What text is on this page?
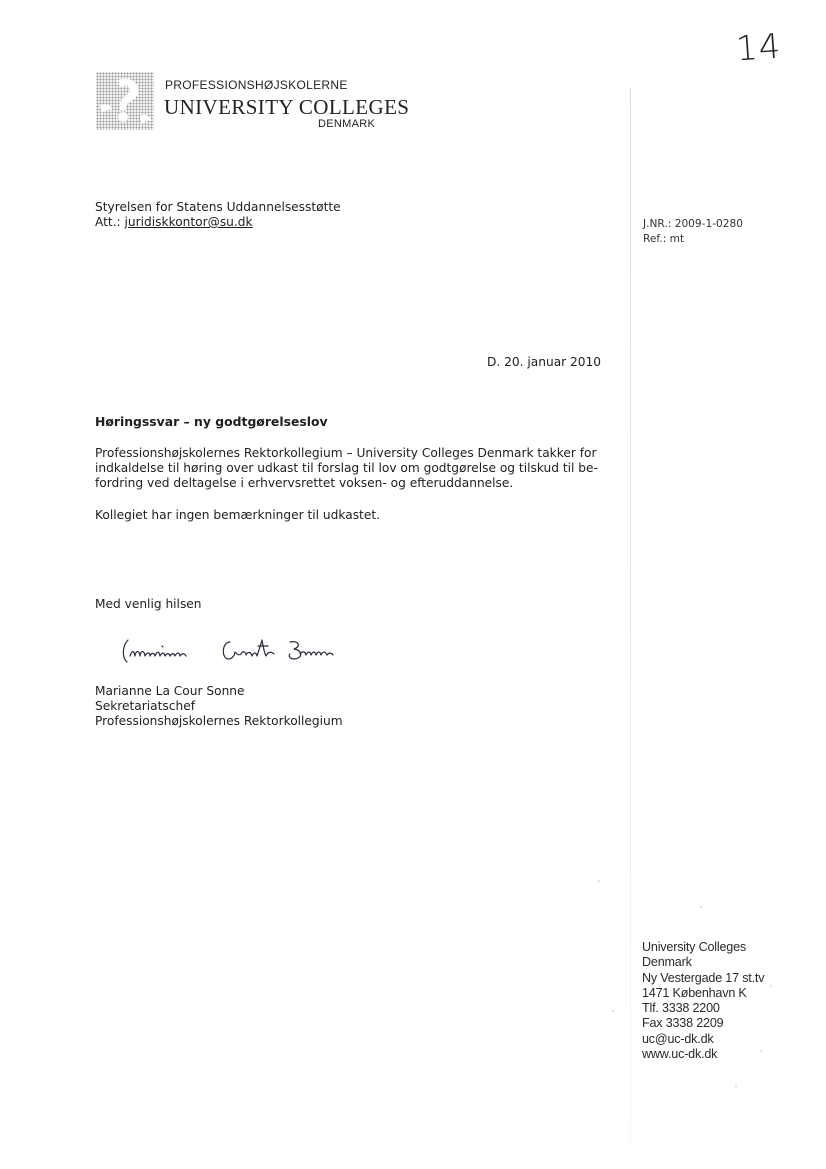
14
PROFESSIONSHØJSKOLERNE
UNIVERSITY COLLEGES
DENMARK
Styrelsen for Statens Uddannelsesstøtte
Att.: juridiskkontor@su.dk	J.NR.: 2009-1-0280
Ref.: mt
D. 20. januar 2010
Høringssvar – ny godtgørelseslov
Professionshøjskolernes Rektorkollegium – University Colleges Denmark takker for
indkaldelse til høring over udkast til forslag til lov om godtgørelse og tilskud til be-
fordring ved deltagelse i erhvervsrettet voksen- og efteruddannelse.
Kollegiet har ingen bemærkninger til udkastet.
Med venlig hilsen
Marianne La Cour Sonne
Sekretariatschef
Professionshøjskolernes Rektorkollegium
University Colleges
Denmark
Ny Vestergade 17 st.tv
1471 København K
Tlf. 3338 2200
Fax 3338 2209
uc@uc-dk.dk
www.uc-dk.dk
